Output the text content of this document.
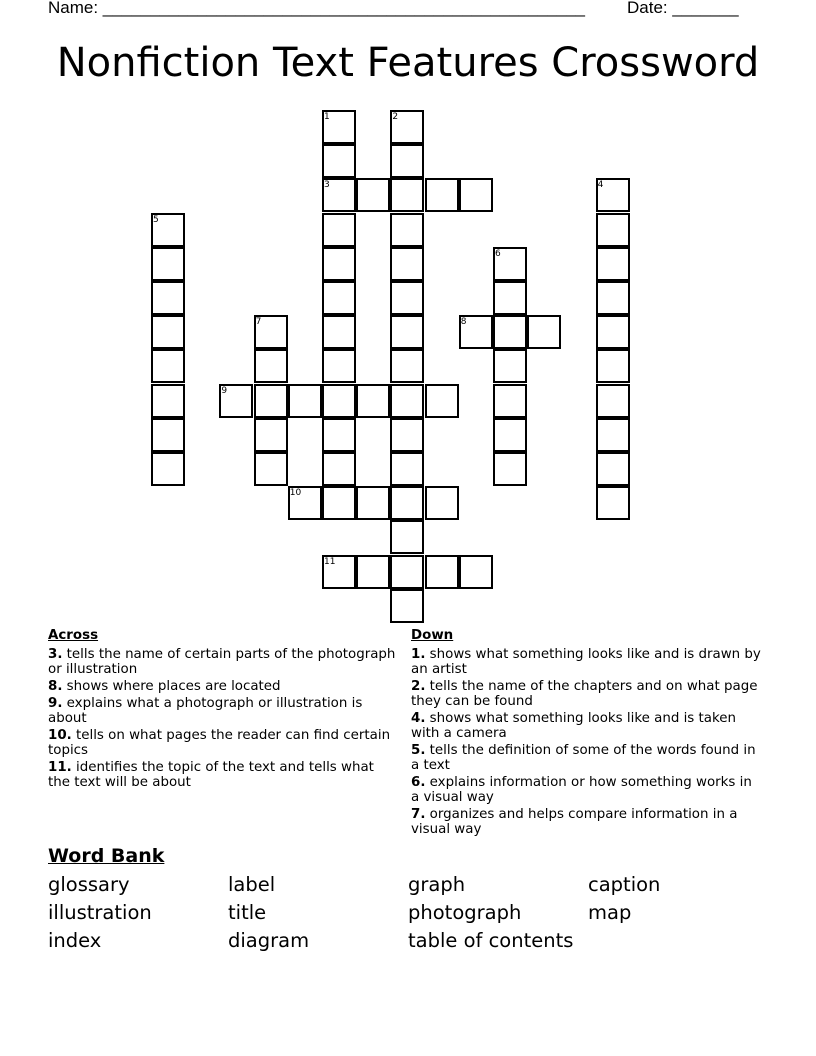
Name: ___________________________________________________ Date: _______
Nonfiction Text Features Crossword
1	2
3	4
5
6
7	8
9
10
11
Across
3. tells the name of certain parts of the photograph or illustration
8. shows where places are located
9. explains what a photograph or illustration is about
10. tells on what pages the reader can find certain topics
11. identifies the topic of the text and tells what the text will be about
Down
1. shows what something looks like and is drawn by an artist
2. tells the name of the chapters and on what page they can be found
4. shows what something looks like and is taken with a camera
5. tells the definition of some of the words found in a text
6. explains information or how something works in a visual way
7. organizes and helps compare information in a visual way
Word Bank
glossary	label	graph	caption
illustration	title	photograph	map
index	diagram	table of contents
